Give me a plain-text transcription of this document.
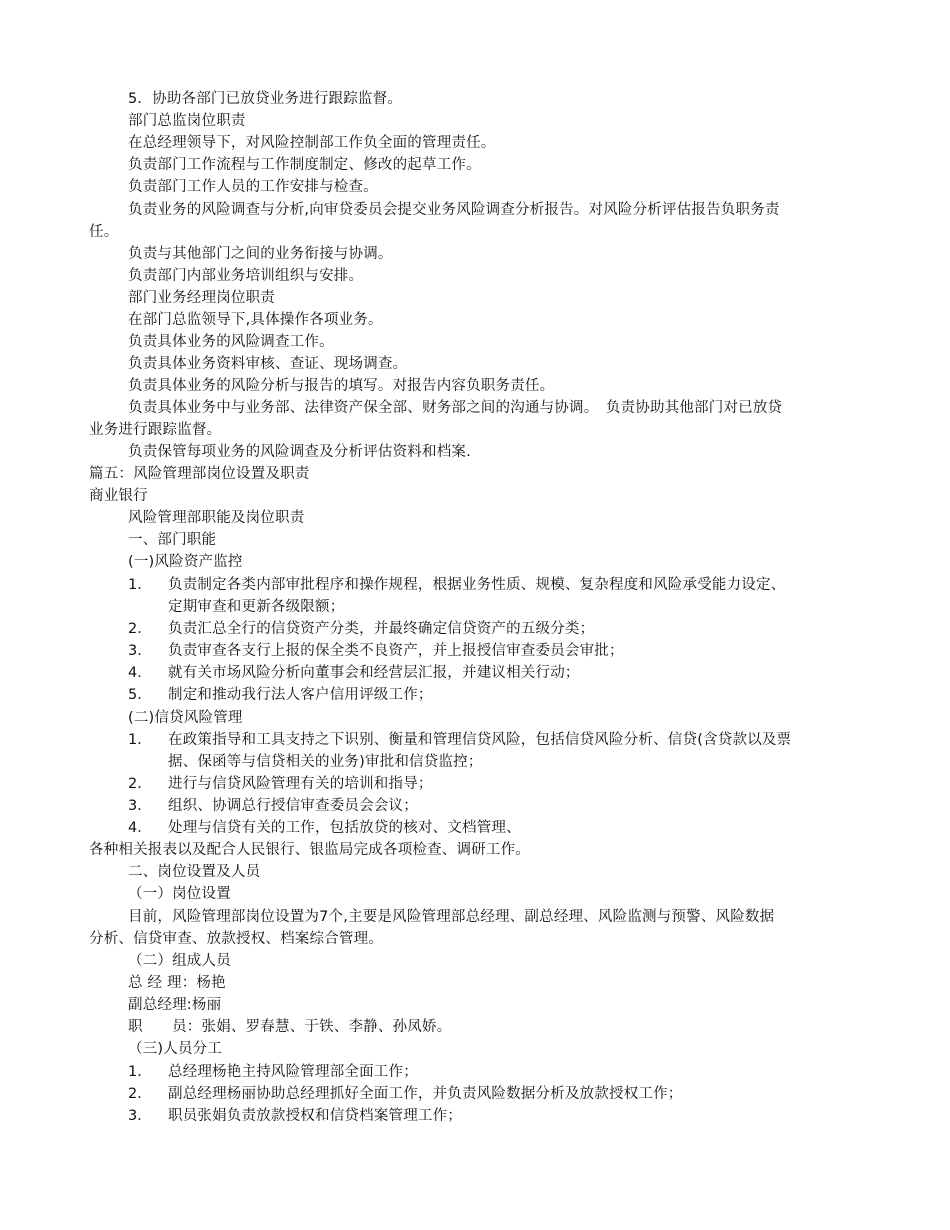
5．协助各部门已放贷业务进行跟踪监督。
部门总监岗位职责
在总经理领导下，对风险控制部工作负全面的管理责任。
负责部门工作流程与工作制度制定、修改的起草工作。
负责部门工作人员的工作安排与检查。
负责业务的风险调查与分析,向审贷委员会提交业务风险调查分析报告。对风险分析评估报告负职务责
任。
负责与其他部门之间的业务衔接与协调。
负责部门内部业务培训组织与安排。
部门业务经理岗位职责
在部门总监领导下,具体操作各项业务。
负责具体业务的风险调查工作。
负责具体业务资料审核、查证、现场调查。
负责具体业务的风险分析与报告的填写。对报告内容负职务责任。
负责具体业务中与业务部、法律资产保全部、财务部之间的沟通与协调。　负责协助其他部门对已放贷
业务进行跟踪监督。
负责保管每项业务的风险调查及分析评估资料和档案.
篇五：风险管理部岗位设置及职责
商业银行
风险管理部职能及岗位职责
一、部门职能
(一)风险资产监控
1． 负责制定各类内部审批程序和操作规程，根据业务性质、规模、复杂程度和风险承受能力设定、
定期审查和更新各级限额；
2． 负责汇总全行的信贷资产分类，并最终确定信贷资产的五级分类；
3． 负责审查各支行上报的保全类不良资产，并上报授信审查委员会审批；
4． 就有关市场风险分析向董事会和经营层汇报，并建议相关行动；
5． 制定和推动我行法人客户信用评级工作；
(二)信贷风险管理
1． 在政策指导和工具支持之下识别、衡量和管理信贷风险，包括信贷风险分析、信贷(含贷款以及票
据、保函等与信贷相关的业务)审批和信贷监控；
2． 进行与信贷风险管理有关的培训和指导；
3． 组织、协调总行授信审查委员会会议；
4． 处理与信贷有关的工作，包括放贷的核对、文档管理、
各种相关报表以及配合人民银行、银监局完成各项检查、调研工作。
二、岗位设置及人员
（一）岗位设置
目前，风险管理部岗位设置为7个,主要是风险管理部总经理、副总经理、风险监测与预警、风险数据
分析、信贷审查、放款授权、档案综合管理。
（二）组成人员
总 经 理：杨艳
副总经理:杨丽
职　　员：张娟、罗春慧、于铁、李静、孙凤娇。
（三)人员分工
1． 总经理杨艳主持风险管理部全面工作；
2． 副总经理杨丽协助总经理抓好全面工作，并负责风险数据分析及放款授权工作；
3． 职员张娟负责放款授权和信贷档案管理工作；
